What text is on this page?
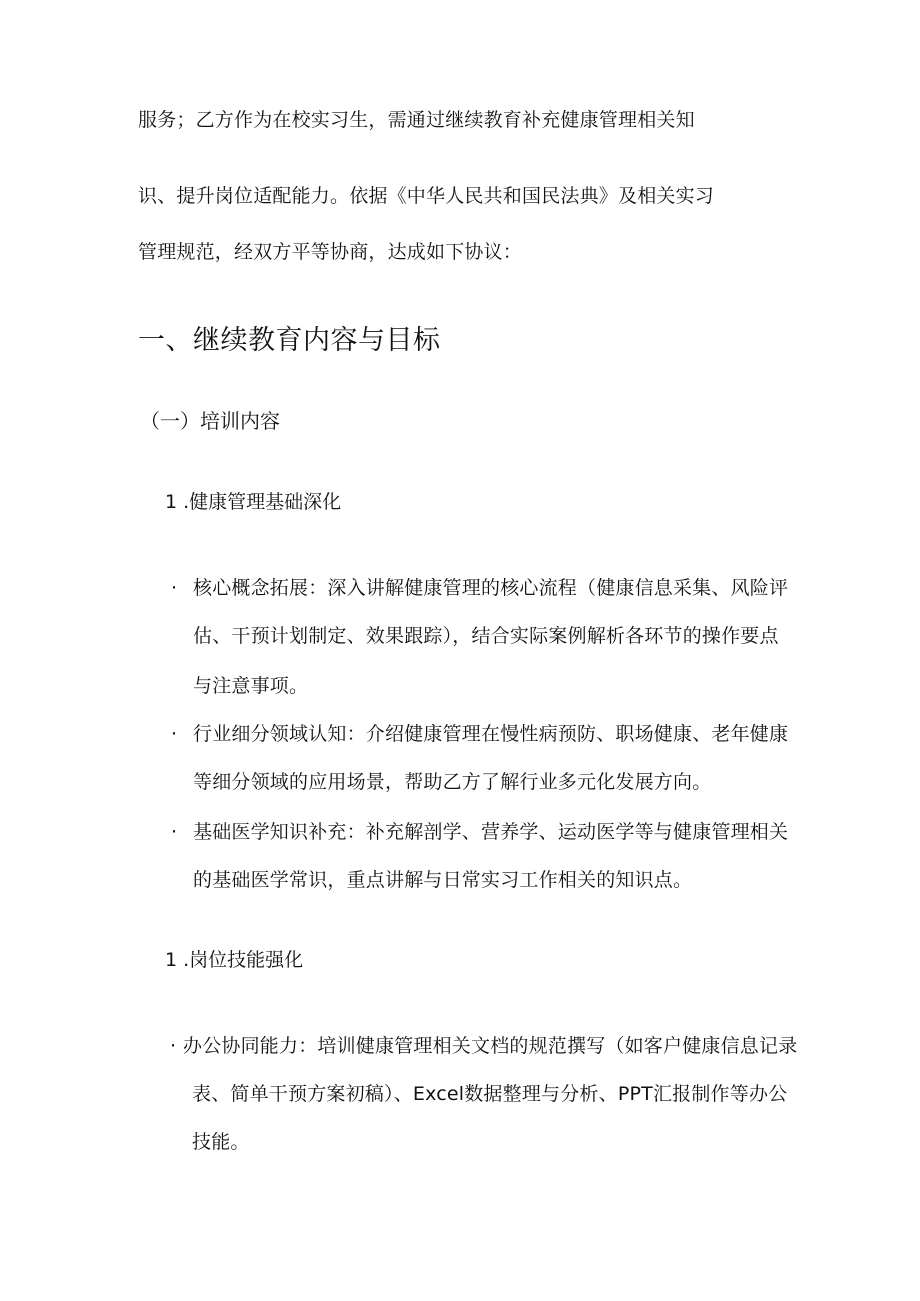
服务；乙方作为在校实习生，需通过继续教育补充健康管理相关知
识、提升岗位适配能力。依据《中华人民共和国民法典》及相关实习
管理规范，经双方平等协商，达成如下协议：
一、继续教育内容与目标
（一）培训内容
1 .健康管理基础深化
· 核心概念拓展：深入讲解健康管理的核心流程（健康信息采集、风险评
估、干预计划制定、效果跟踪），结合实际案例解析各环节的操作要点
与注意事项。
· 行业细分领域认知：介绍健康管理在慢性病预防、职场健康、老年健康
等细分领域的应用场景，帮助乙方了解行业多元化发展方向。
· 基础医学知识补充：补充解剖学、营养学、运动医学等与健康管理相关
的基础医学常识，重点讲解与日常实习工作相关的知识点。
1 .岗位技能强化
· 办公协同能力：培训健康管理相关文档的规范撰写（如客户健康信息记录
表、简单干预方案初稿）、Excel数据整理与分析、PPT汇报制作等办公
技能。
